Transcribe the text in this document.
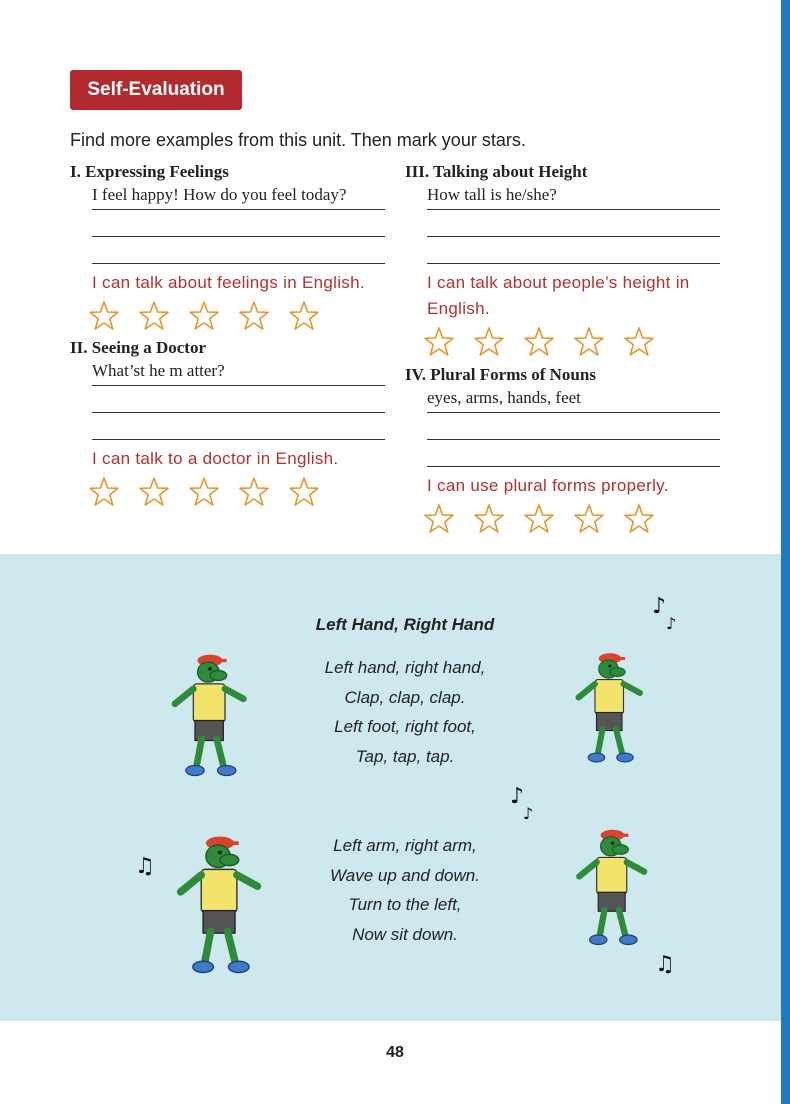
Self-Evaluation
Find more examples from this unit. Then mark your stars.
I. Expressing Feelings
I feel happy! How do you feel today?
I can talk about feelings in English.
II. Seeing a Doctor
What’st he m atter?
I can talk to a doctor in English.
III. Talking about Height
How tall is he/she?
I can talk about people’s height in
English.
IV. Plural Forms of Nouns
eyes, arms, hands, feet
I can use plural forms properly.
Left Hand, Right Hand
Left hand, right hand,
Clap, clap, clap.
Left foot, right foot,
Tap, tap, tap.
Left arm, right arm,
Wave up and down.
Turn to the left,
Now sit down.
♪
♪
♪
♪
♫
♫
48
